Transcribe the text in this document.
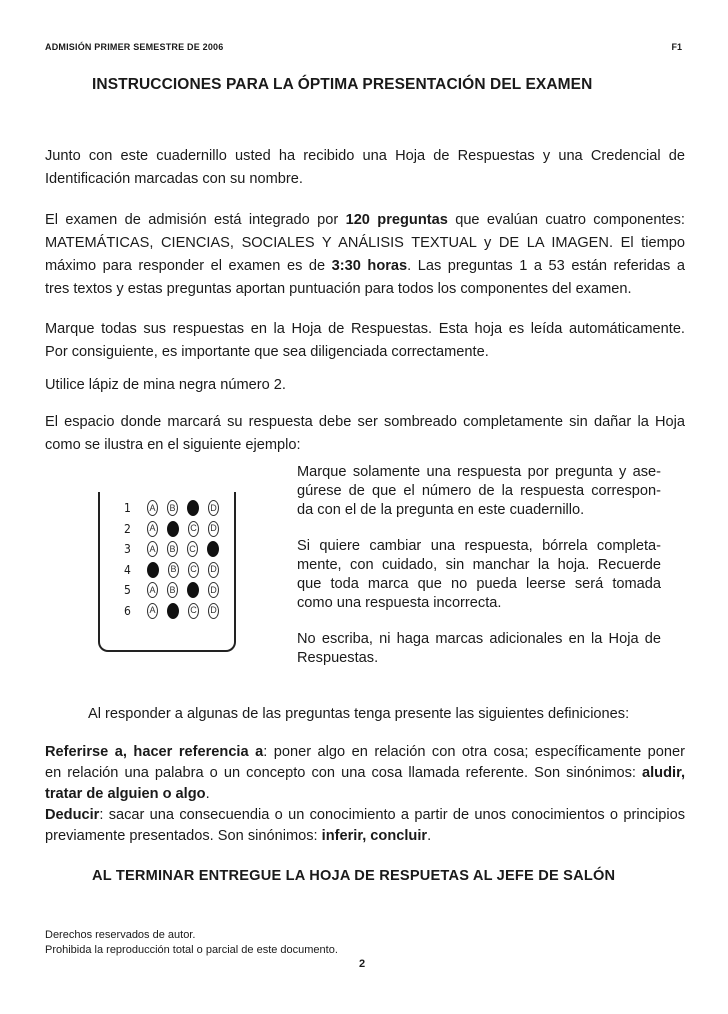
ADMISIÓN PRIMER SEMESTRE DE 2006	F1
INSTRUCCIONES PARA LA ÓPTIMA PRESENTACIÓN DEL EXAMEN

Junto con este cuadernillo usted ha recibido una Hoja de Respuestas y una Credencial de
Identificación marcadas con su nombre.

El examen de admisión está integrado por 120 preguntas que evalúan cuatro componentes:
MATEMÁTICAS, CIENCIAS, SOCIALES Y ANÁLISIS TEXTUAL y DE LA IMAGEN. El tiempo
máximo para responder el examen es de 3:30 horas. Las preguntas 1 a 53 están referidas a
tres textos y estas preguntas aportan puntuación para todos los componentes del examen.

Marque todas sus respuestas en la Hoja de Respuestas. Esta hoja es leída automáticamente.
Por consiguiente, es importante que sea diligenciada correctamente.

Utilice lápiz de mina negra número 2.

El espacio donde marcará su respuesta debe ser sombreado completamente sin dañar la Hoja
como se ilustra en el siguiente ejemplo:

1	A B	D
2	A	C D
3	A B C
4	B C D
5	A B	D
6	A	C D

Marque solamente una respuesta por pregunta y ase-
gúrese de que el número de la respuesta correspon-
da con el de la pregunta en este cuadernillo.

Si quiere cambiar una respuesta, bórrela completa-
mente, con cuidado, sin manchar la hoja. Recuerde
que toda marca que no pueda leerse será tomada
como una respuesta incorrecta.

No escriba, ni haga marcas adicionales en la Hoja de
Respuestas.

Al responder a algunas de las preguntas tenga presente las siguientes definiciones:

Referirse a, hacer referencia a: poner algo en relación con otra cosa; específicamente poner
en relación una palabra o un concepto con una cosa llamada referente. Son sinónimos: aludir,
tratar de alguien o algo.

Deducir: sacar una consecuendia o un conocimiento a partir de unos conocimientos o principios
previamente presentados. Son sinónimos: inferir, concluir.

AL TERMINAR ENTREGUE LA HOJA DE RESPUETAS AL JEFE DE SALÓN
Derechos reservados de autor.
Prohibida la reproducción total o parcial de este documento.
2
